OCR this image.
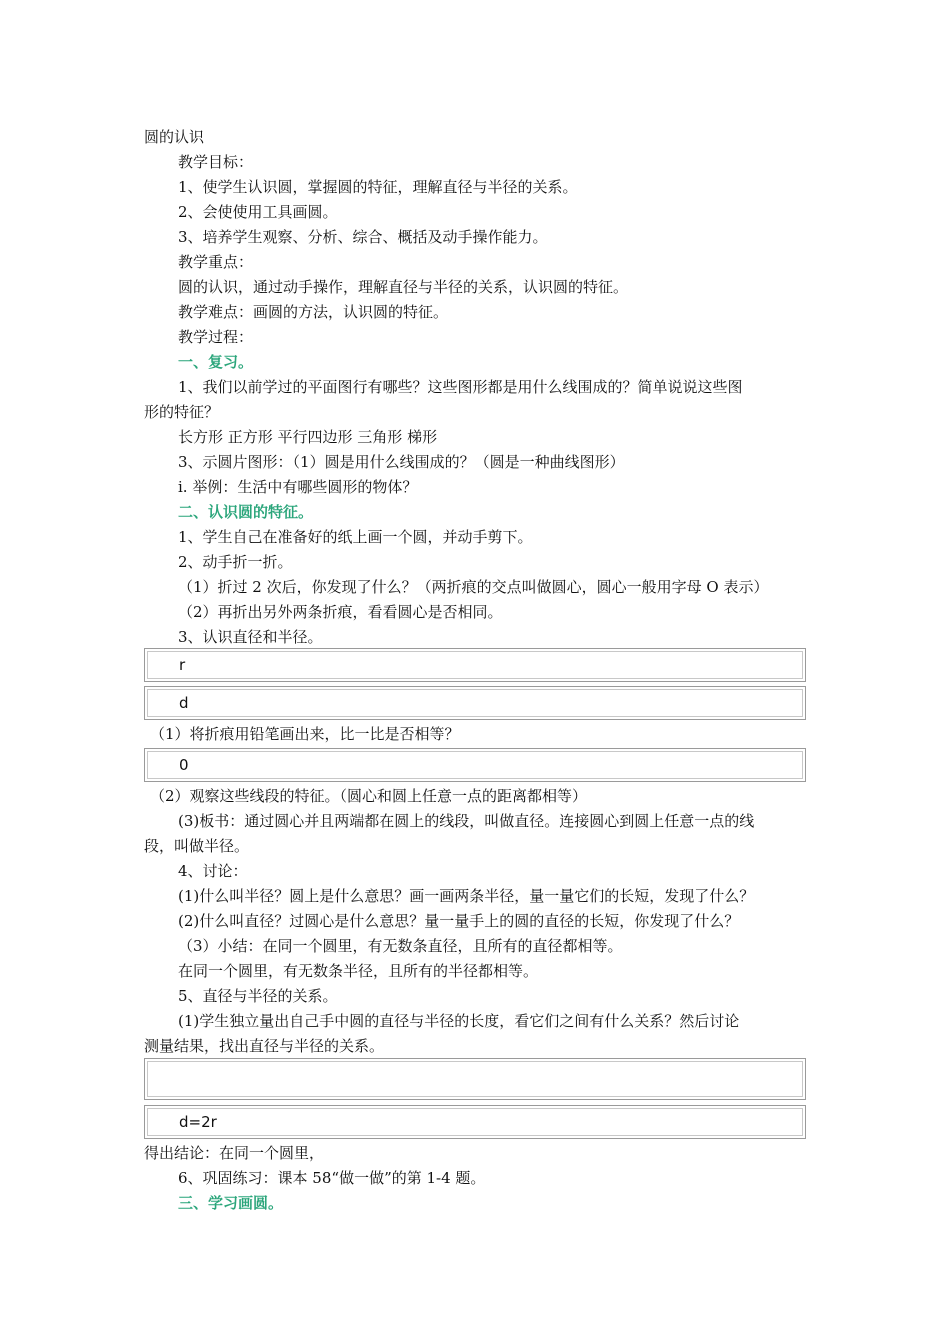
圆的认识
教学目标：
1、使学生认识圆，掌握圆的特征，理解直径与半径的关系。
2、会使使用工具画圆。
3、培养学生观察、分析、综合、概括及动手操作能力。
教学重点：
圆的认识，通过动手操作，理解直径与半径的关系，认识圆的特征。
教学难点：画圆的方法，认识圆的特征。
教学过程：
一、复习。
1、我们以前学过的平面图行有哪些？这些图形都是用什么线围成的？简单说说这些图
形的特征？
长方形 正方形 平行四边形 三角形 梯形
3、示圆片图形：（1）圆是用什么线围成的？（圆是一种曲线图形）
i. 举例：生活中有哪些圆形的物体？
二、认识圆的特征。
1、学生自己在准备好的纸上画一个圆，并动手剪下。
2、动手折一折。
（1）折过 2 次后，你发现了什么？（两折痕的交点叫做圆心，圆心一般用字母 O 表示）
（2）再折出另外两条折痕，看看圆心是否相同。
3、认识直径和半径。
r
d
（1）将折痕用铅笔画出来，比一比是否相等？
0
（2）观察这些线段的特征。（圆心和圆上任意一点的距离都相等）
(3)板书：通过圆心并且两端都在圆上的线段，叫做直径。连接圆心到圆上任意一点的线
段，叫做半径。
4、讨论：
(1)什么叫半径？圆上是什么意思？画一画两条半径，量一量它们的长短，发现了什么？
(2)什么叫直径？过圆心是什么意思？量一量手上的圆的直径的长短，你发现了什么？
（3）小结：在同一个圆里，有无数条直径，且所有的直径都相等。
在同一个圆里，有无数条半径，且所有的半径都相等。
5、直径与半径的关系。
(1)学生独立量出自己手中圆的直径与半径的长度，看它们之间有什么关系？然后讨论
测量结果，找出直径与半径的关系。
d=2r
得出结论：在同一个圆里，
6、巩固练习：课本 58“做一做”的第 1-4 题。
三、学习画圆。
